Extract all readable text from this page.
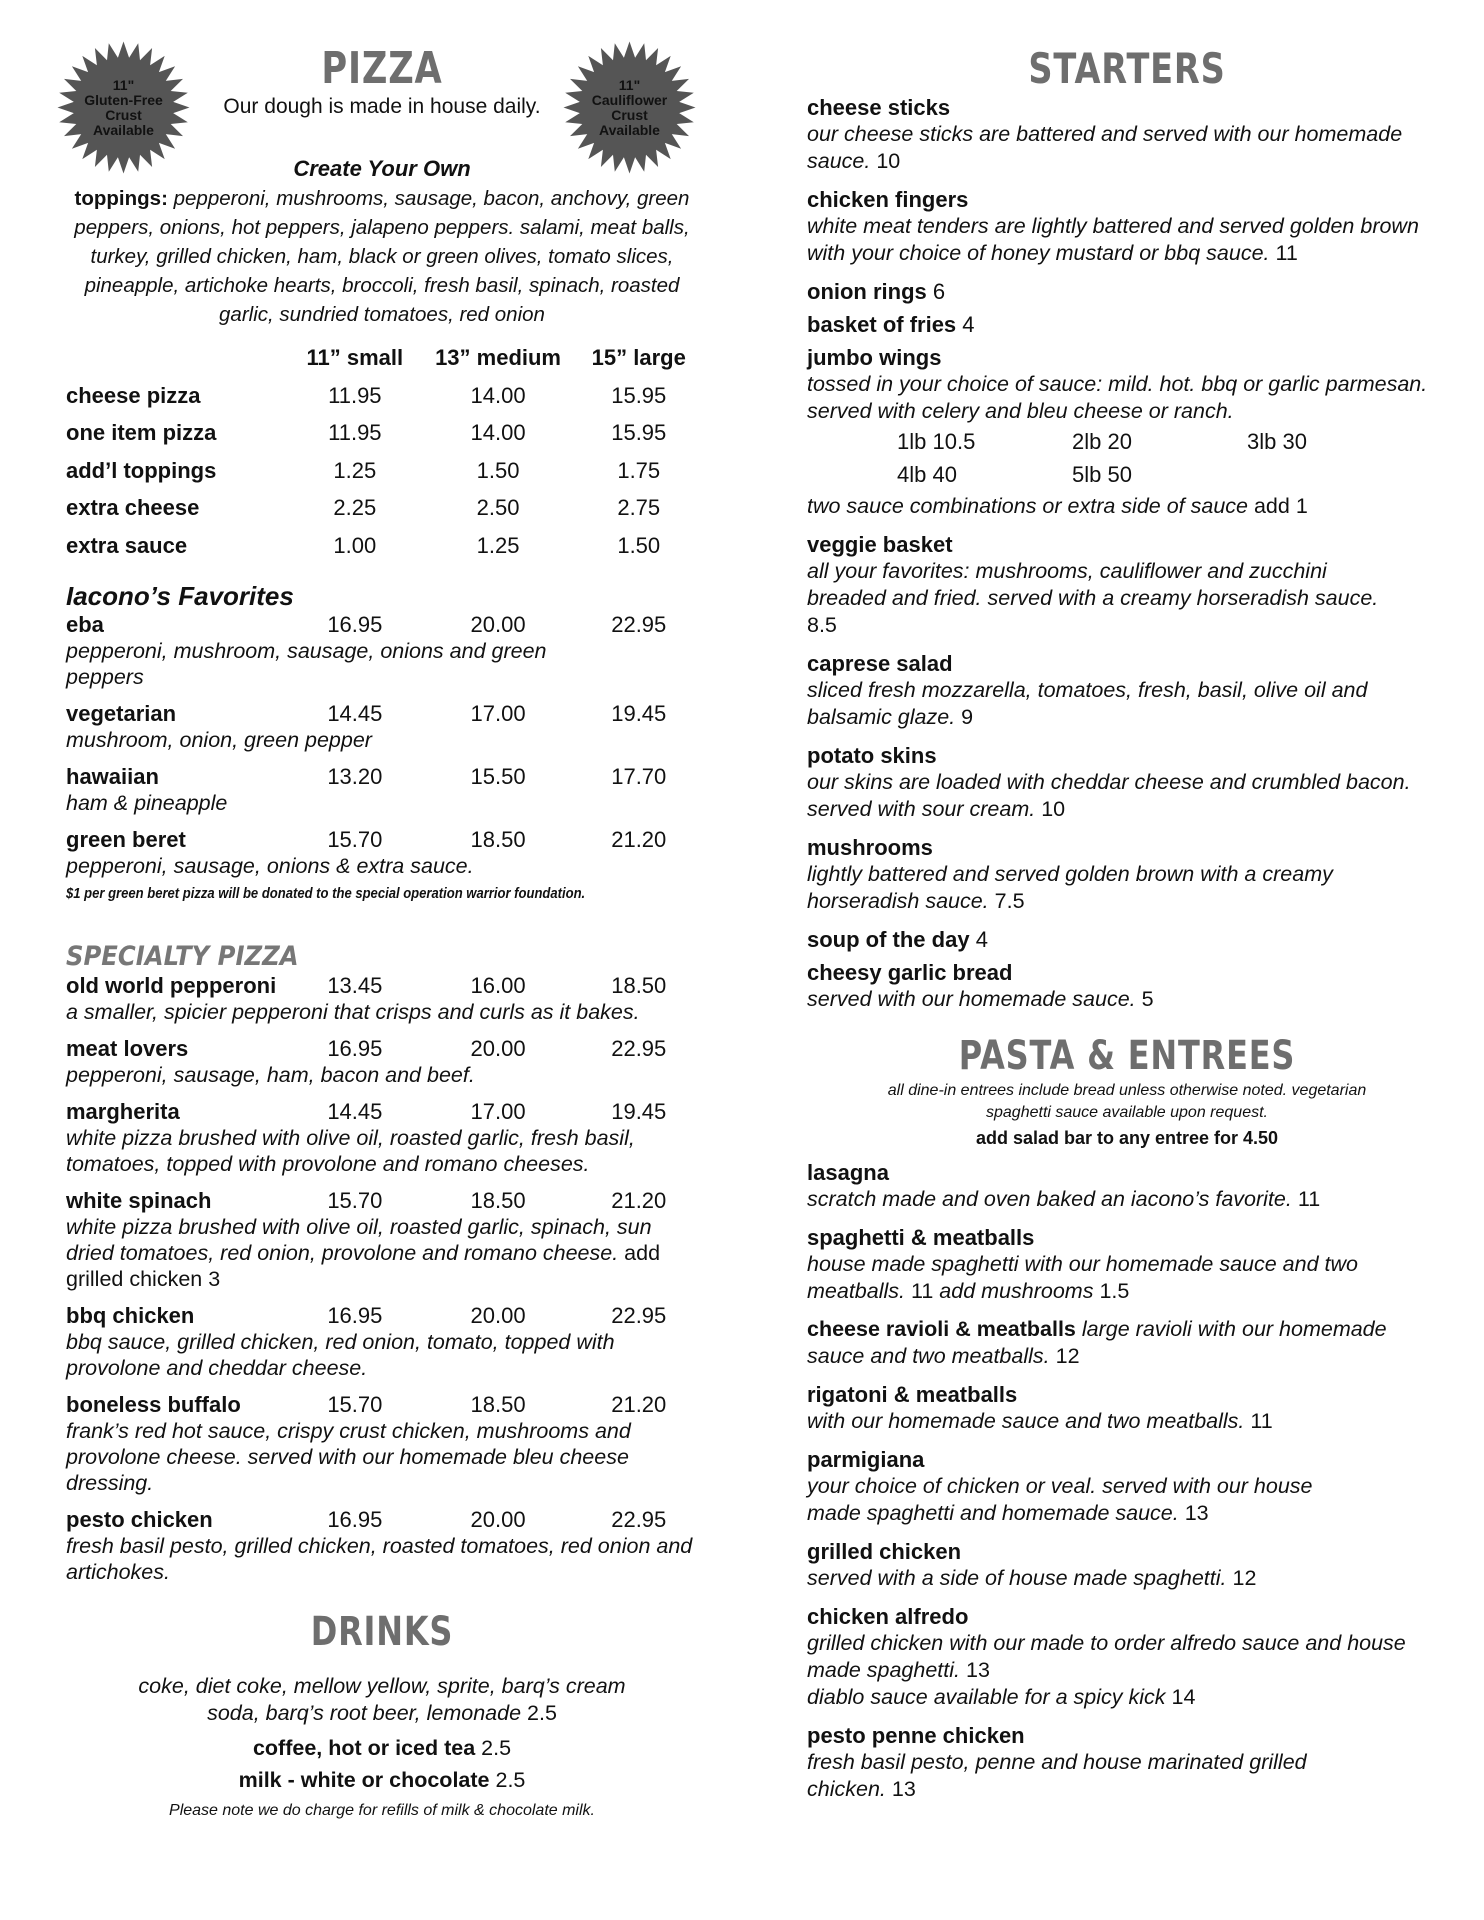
11"
Gluten-Free
Crust
Available
11"
Cauliflower
Crust
Available
PIZZA
Our dough is made in house daily.
Create Your Own
toppings: pepperoni, mushrooms, sausage, bacon, anchovy, green peppers, onions, hot peppers, jalapeno peppers. salami, meat balls, turkey, grilled chicken, ham, black or green olives, tomato slices, pineapple, artichoke hearts, broccoli, fresh basil, spinach, roasted garlic, sundried tomatoes, red onion
11” small	13” medium	15” large
cheese pizza	11.95	14.00	15.95
one item pizza	11.95	14.00	15.95
add’l toppings	1.25	1.50	1.75
extra cheese	2.25	2.50	2.75
extra sauce	1.00	1.25	1.50
Iacono’s Favorites
eba	16.95	20.00	22.95
pepperoni, mushroom, sausage, onions and green peppers
vegetarian	14.45	17.00	19.45
mushroom, onion, green pepper
hawaiian	13.20	15.50	17.70
ham & pineapple
green beret	15.70	18.50	21.20
pepperoni, sausage, onions & extra sauce.
$1 per green beret pizza will be donated to the special operation warrior foundation.
SPECIALTY PIZZA
old world pepperoni	13.45	16.00	18.50
a smaller, spicier pepperoni that crisps and curls as it bakes.
meat lovers	16.95	20.00	22.95
pepperoni, sausage, ham, bacon and beef.
margherita	14.45	17.00	19.45
white pizza brushed with olive oil, roasted garlic, fresh basil, tomatoes, topped with provolone and romano cheeses.
white spinach	15.70	18.50	21.20
white pizza brushed with olive oil, roasted garlic, spinach, sun dried tomatoes, red onion, provolone and romano cheese. add grilled chicken 3
bbq chicken	16.95	20.00	22.95
bbq sauce, grilled chicken, red onion, tomato, topped with provolone and cheddar cheese.
boneless buffalo	15.70	18.50	21.20
frank’s red hot sauce, crispy crust chicken, mushrooms and provolone cheese. served with our homemade bleu cheese dressing.
pesto chicken	16.95	20.00	22.95
fresh basil pesto, grilled chicken, roasted tomatoes, red onion and artichokes.
DRINKS
coke, diet coke, mellow yellow, sprite, barq’s cream soda, barq’s root beer, lemonade 2.5
coffee, hot or iced tea 2.5
milk - white or chocolate 2.5
Please note we do charge for refills of milk & chocolate milk.
STARTERS
cheese sticks
our cheese sticks are battered and served with our homemade sauce. 10
chicken fingers
white meat tenders are lightly battered and served golden brown with your choice of honey mustard or bbq sauce. 11
onion rings 6
basket of fries 4
jumbo wings
tossed in your choice of sauce: mild. hot. bbq or garlic parmesan. served with celery and bleu cheese or ranch.
1lb 10.5	2lb 20	3lb 30
4lb 40	5lb 50
two sauce combinations or extra side of sauce add 1
veggie basket
all your favorites: mushrooms, cauliflower and zucchini breaded and fried. served with a creamy horseradish sauce. 8.5
caprese salad
sliced fresh mozzarella, tomatoes, fresh, basil, olive oil and balsamic glaze. 9
potato skins
our skins are loaded with cheddar cheese and crumbled bacon. served with sour cream. 10
mushrooms
lightly battered and served golden brown with a creamy horseradish sauce. 7.5
soup of the day 4
cheesy garlic bread
served with our homemade sauce. 5
PASTA & ENTREES
all dine-in entrees include bread unless otherwise noted. vegetarian spaghetti sauce available upon request.
add salad bar to any entree for 4.50
lasagna
scratch made and oven baked an iacono’s favorite. 11
spaghetti & meatballs
house made spaghetti with our homemade sauce and two meatballs. 11 add mushrooms 1.5
cheese ravioli & meatballs large ravioli with our homemade sauce and two meatballs. 12
rigatoni & meatballs
with our homemade sauce and two meatballs. 11
parmigiana
your choice of chicken or veal. served with our house made spaghetti and homemade sauce. 13
grilled chicken
served with a side of house made spaghetti. 12
chicken alfredo
grilled chicken with our made to order alfredo sauce and house made spaghetti. 13
diablo sauce available for a spicy kick 14
pesto penne chicken
fresh basil pesto, penne and house marinated grilled chicken. 13
